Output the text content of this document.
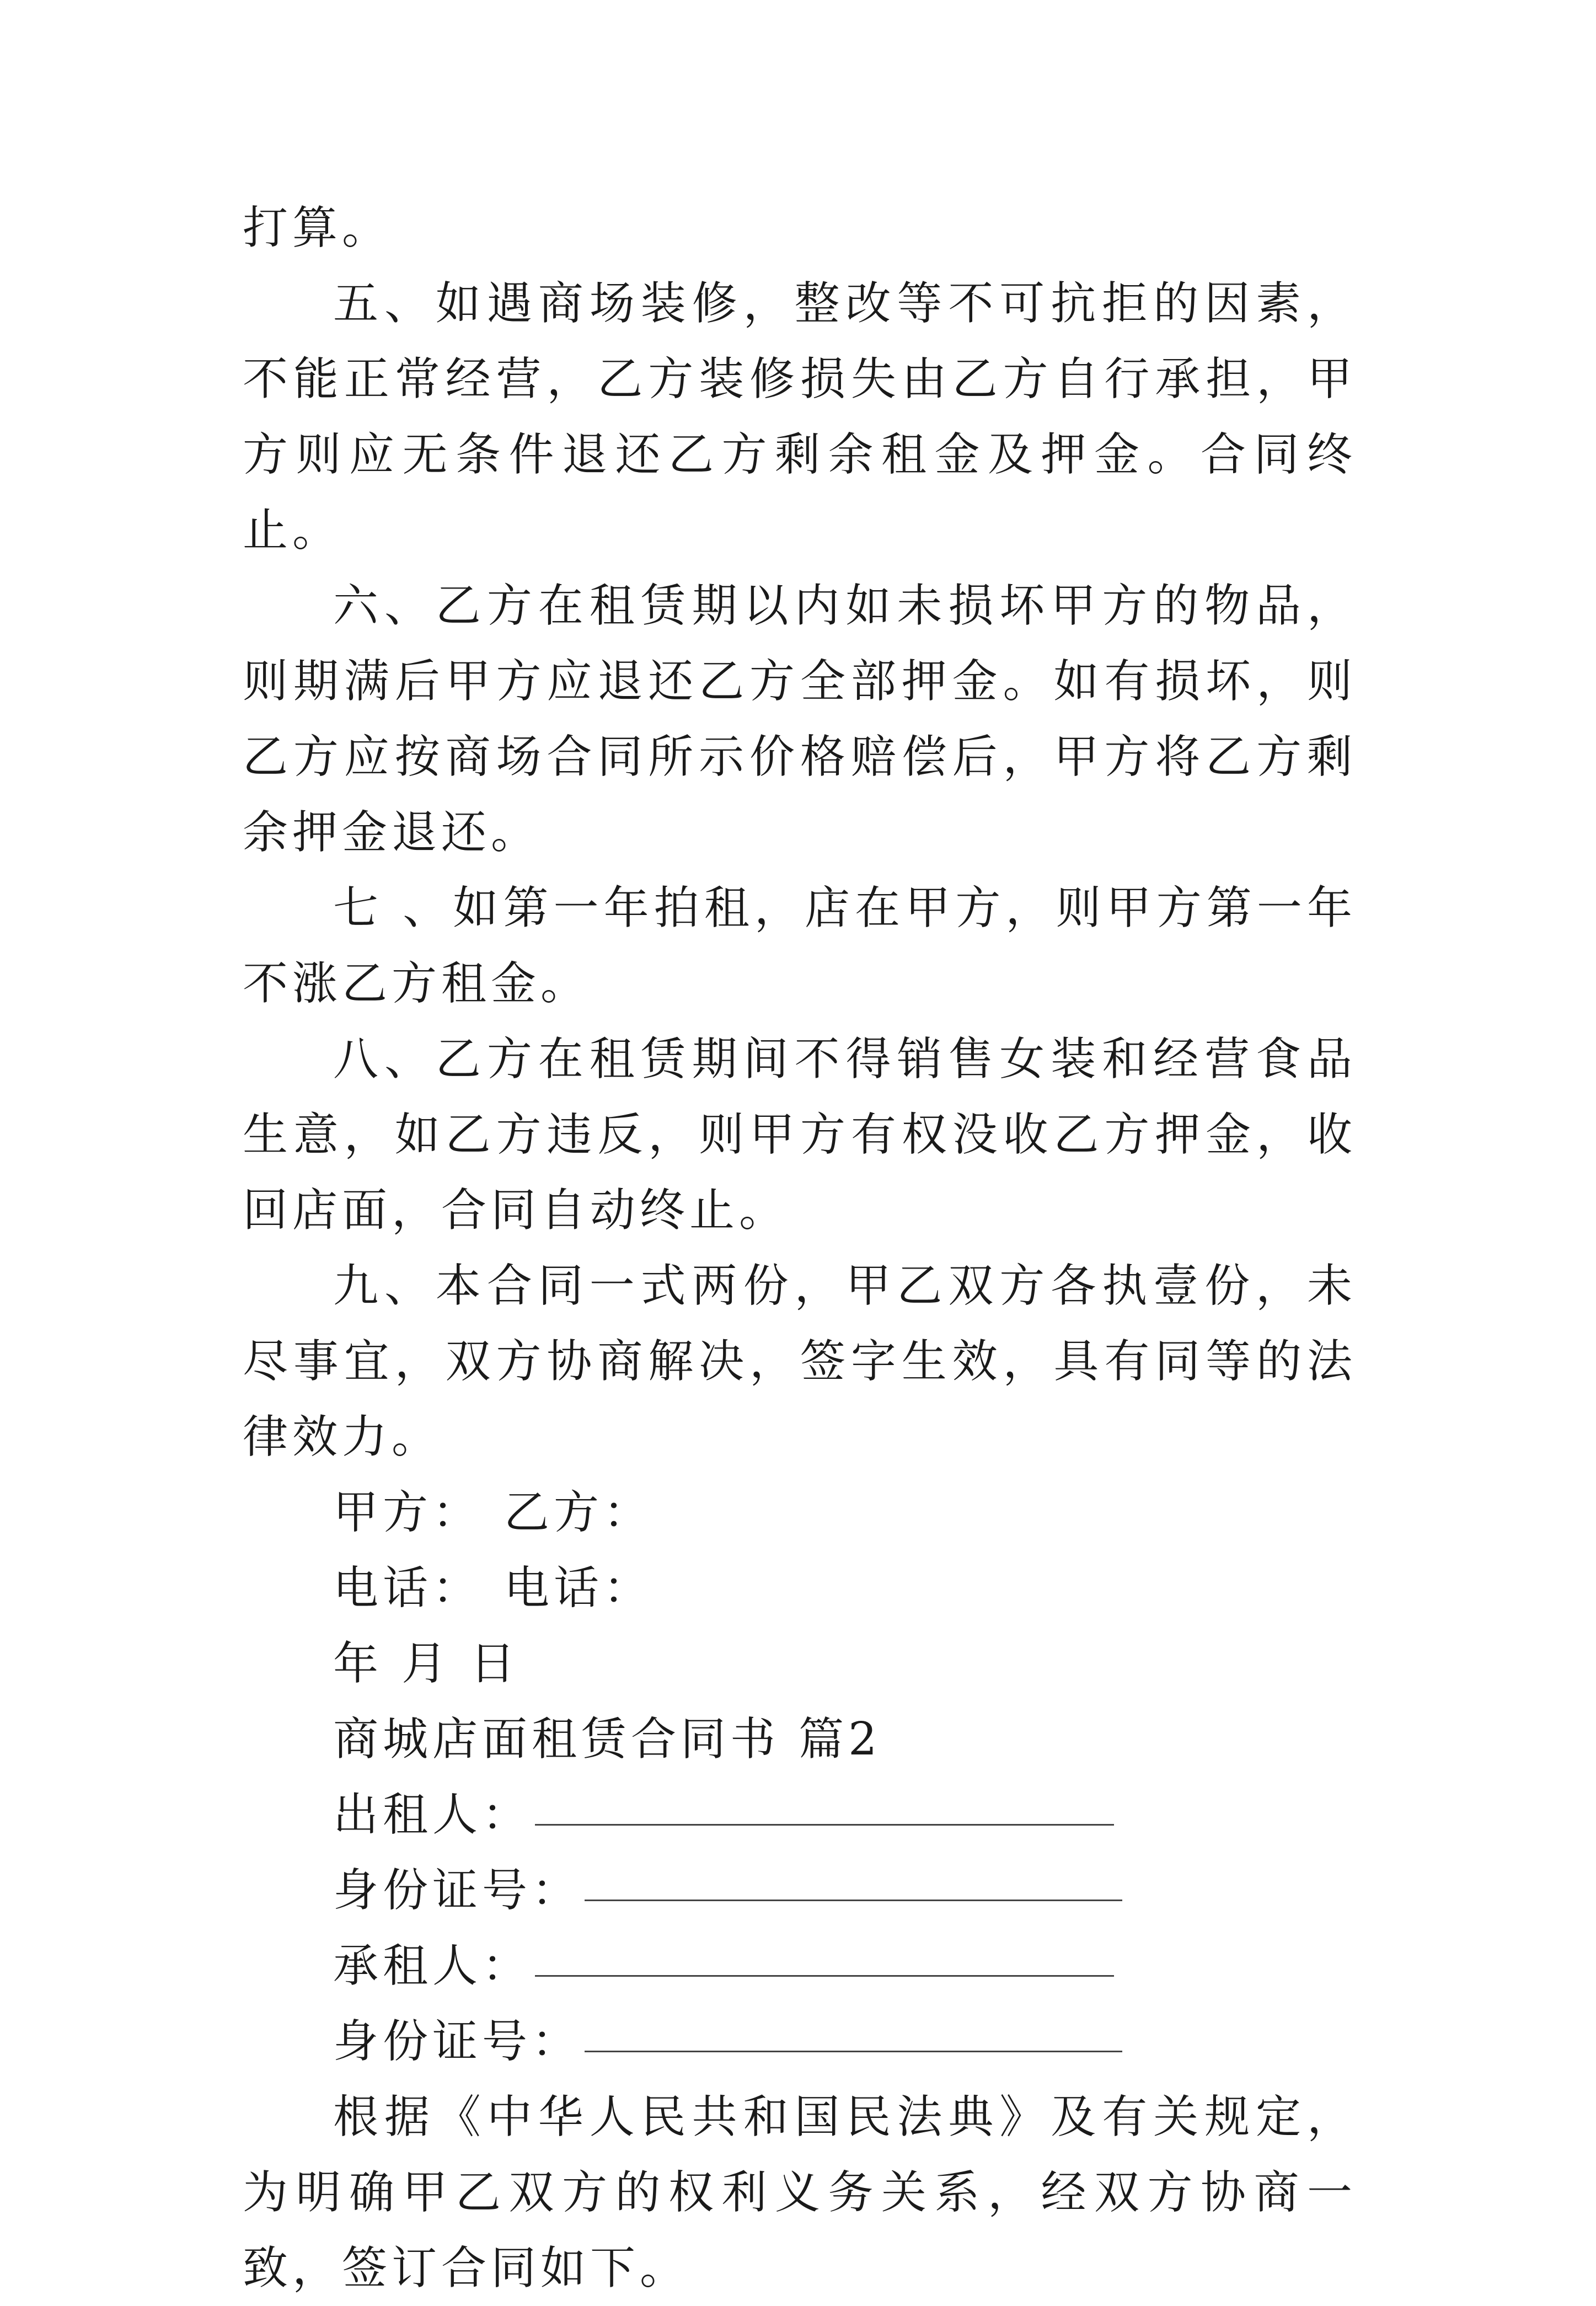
打算。

五、如遇商场装修，整改等不可抗拒的因素，不能正常经营，乙方装修损失由乙方自行承担，甲方则应无条件退还乙方剩余租金及押金。合同终止。

六、乙方在租赁期以内如未损坏甲方的物品，则期满后甲方应退还乙方全部押金。如有损坏，则乙方应按商场合同所示价格赔偿后，甲方将乙方剩余押金退还。

七 、如第一年拍租，店在甲方，则甲方第一年不涨乙方租金。

八、乙方在租赁期间不得销售女装和经营食品生意，如乙方违反，则甲方有权没收乙方押金，收回店面，合同自动终止。

九、本合同一式两份，甲乙双方各执壹份，未尽事宜，双方协商解决，签字生效，具有同等的法律效力。

甲方： 乙方：
电话： 电话：
年 月 日
商城店面租赁合同书 篇2
出租人：
身份证号：
承租人：
身份证号：

根据《中华人民共和国民法典》及有关规定，为明确甲乙双方的权利义务关系，经双方协商一致，签订合同如下。
